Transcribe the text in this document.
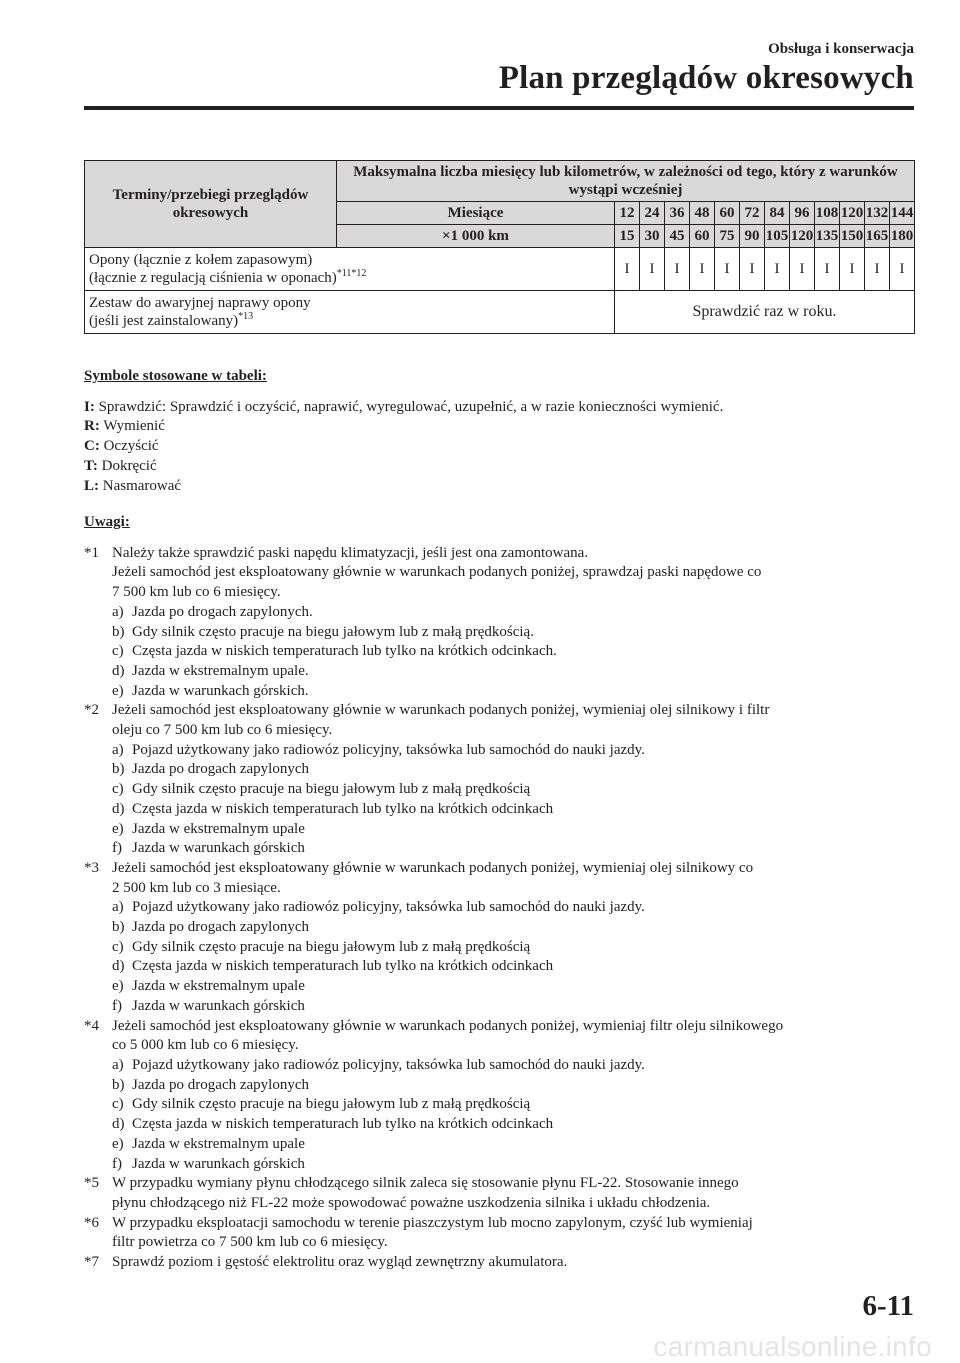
Obsługa i konserwacja
Plan przeglądów okresowych
Terminy/przebiegi przeglądów okresowych	Maksymalna liczba miesięcy lub kilometrów, w zależności od tego, który z warunków wystąpi wcześniej												
	Miesiące	12	24	36	48	60	72	84	96	108	120	132	144
	×1 000 km	15	30	45	60	75	90	105	120	135	150	165	180

Opony (łącznie z kołem zapasowym)
(łącznie z regulacją ciśnienia w oponach)$^{*11*12}$		I	I	I	I	I	I	I	I	I	I	I	I

Zestaw do awaryjnej naprawy opony
(jeśli jest zainstalowany)$^{*13}$		Sprawdzić raz w roku.											
Symbole stosowane w tabeli:
I: Sprawdzić: Sprawdzić i oczyścić, naprawić, wyregulować, uzupełnić, a w razie konieczności wymienić.
R: Wymienić
C: Oczyścić
T: Dokręcić
L: Nasmarować
Uwagi:
*1 Należy także sprawdzić paski napędu klimatyzacji, jeśli jest ona zamontowana.
Jeżeli samochód jest eksploatowany głównie w warunkach podanych poniżej, sprawdzaj paski napędowe co
7 500 km lub co 6 miesięcy.
a) Jazda po drogach zapylonych.
b) Gdy silnik często pracuje na biegu jałowym lub z małą prędkością.
c) Częsta jazda w niskich temperaturach lub tylko na krótkich odcinkach.
d) Jazda w ekstremalnym upale.
e) Jazda w warunkach górskich.
*2 Jeżeli samochód jest eksploatowany głównie w warunkach podanych poniżej, wymieniaj olej silnikowy i filtr
oleju co 7 500 km lub co 6 miesięcy.
a) Pojazd użytkowany jako radiowóz policyjny, taksówka lub samochód do nauki jazdy.
b) Jazda po drogach zapylonych
c) Gdy silnik często pracuje na biegu jałowym lub z małą prędkością
d) Częsta jazda w niskich temperaturach lub tylko na krótkich odcinkach
e) Jazda w ekstremalnym upale
f) Jazda w warunkach górskich
*3 Jeżeli samochód jest eksploatowany głównie w warunkach podanych poniżej, wymieniaj olej silnikowy co
2 500 km lub co 3 miesiące.
a) Pojazd użytkowany jako radiowóz policyjny, taksówka lub samochód do nauki jazdy.
b) Jazda po drogach zapylonych
c) Gdy silnik często pracuje na biegu jałowym lub z małą prędkością
d) Częsta jazda w niskich temperaturach lub tylko na krótkich odcinkach
e) Jazda w ekstremalnym upale
f) Jazda w warunkach górskich
*4 Jeżeli samochód jest eksploatowany głównie w warunkach podanych poniżej, wymieniaj filtr oleju silnikowego
co 5 000 km lub co 6 miesięcy.
a) Pojazd użytkowany jako radiowóz policyjny, taksówka lub samochód do nauki jazdy.
b) Jazda po drogach zapylonych
c) Gdy silnik często pracuje na biegu jałowym lub z małą prędkością
d) Częsta jazda w niskich temperaturach lub tylko na krótkich odcinkach
e) Jazda w ekstremalnym upale
f) Jazda w warunkach górskich
*5 W przypadku wymiany płynu chłodzącego silnik zaleca się stosowanie płynu FL-22. Stosowanie innego
płynu chłodzącego niż FL-22 może spowodować poważne uszkodzenia silnika i układu chłodzenia.
*6 W przypadku eksploatacji samochodu w terenie piaszczystym lub mocno zapylonym, czyść lub wymieniaj
filtr powietrza co 7 500 km lub co 6 miesięcy.
*7 Sprawdź poziom i gęstość elektrolitu oraz wygląd zewnętrzny akumulatora.
6-11
carmanualsonline.info
